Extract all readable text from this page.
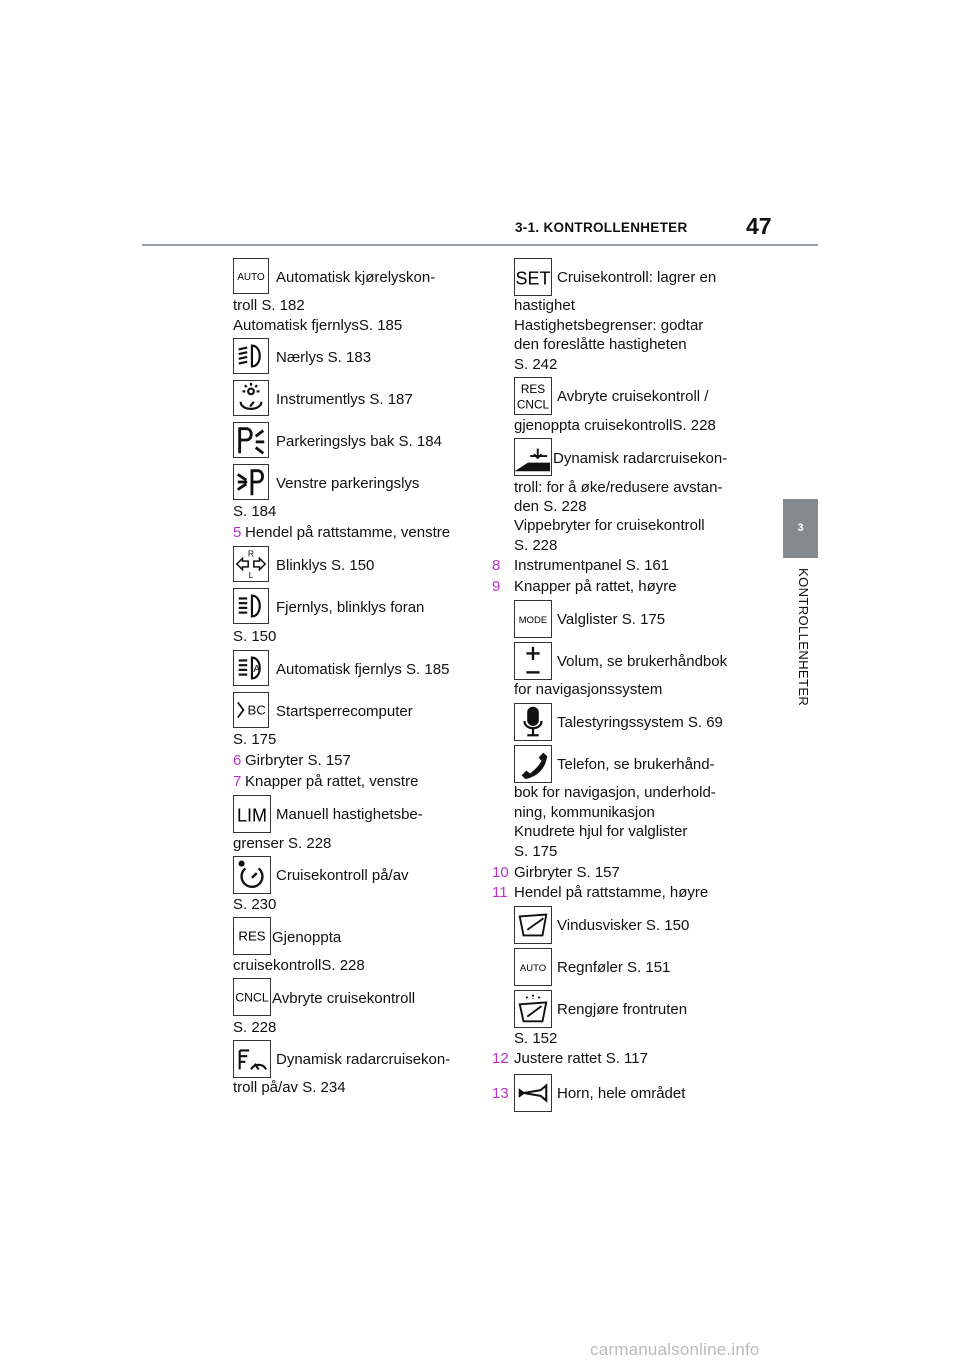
3-1. KONTROLLENHETER	47
3
KONTROLLENHETER
AUTO Automatisk kjørelyskon-
troll S. 182
Automatisk fjernlysS. 185
Nærlys S. 183
Instrumentlys S. 187
Parkeringslys bak S. 184
Venstre parkeringslys
S. 184
5 Hendel på rattstamme, venstre
R
L
Blinklys S. 150
Fjernlys, blinklys foran
S. 150
A Automatisk fjernlys S. 185
BC Startsperrecomputer
S. 175
6 Girbryter S. 157
7 Knapper på rattet, venstre
LIM Manuell hastighetsbe-
grenser S. 228
Cruisekontroll på/av
S. 230
RES Gjenoppta
cruisekontrollS. 228
CNCL Avbryte cruisekontroll
S. 228
Dynamisk radarcruisekon-
troll på/av S. 234
SET Cruisekontroll: lagrer en
hastighet
Hastighetsbegrenser: godtar
den foreslåtte hastigheten
S. 242
RES
CNCL Avbryte cruisekontroll /
gjenoppta cruisekontrollS. 228
Dynamisk radarcruisekon-
troll: for å øke/redusere avstan-
den S. 228
Vippebryter for cruisekontroll
S. 228
8 Instrumentpanel S. 161
9 Knapper på rattet, høyre
MODE Valglister S. 175
Volum, se brukerhåndbok
for navigasjonssystem
Talestyringssystem S. 69
Telefon, se brukerhånd-
bok for navigasjon, underhold-
ning, kommunikasjon
Knudrete hjul for valglister
S. 175
10 Girbryter S. 157
11 Hendel på rattstamme, høyre
Vindusvisker S. 150
AUTO Regnføler S. 151
Rengjøre frontruten
S. 152
12 Justere rattet S. 117
13	Horn, hele området
carmanualsonline.info
